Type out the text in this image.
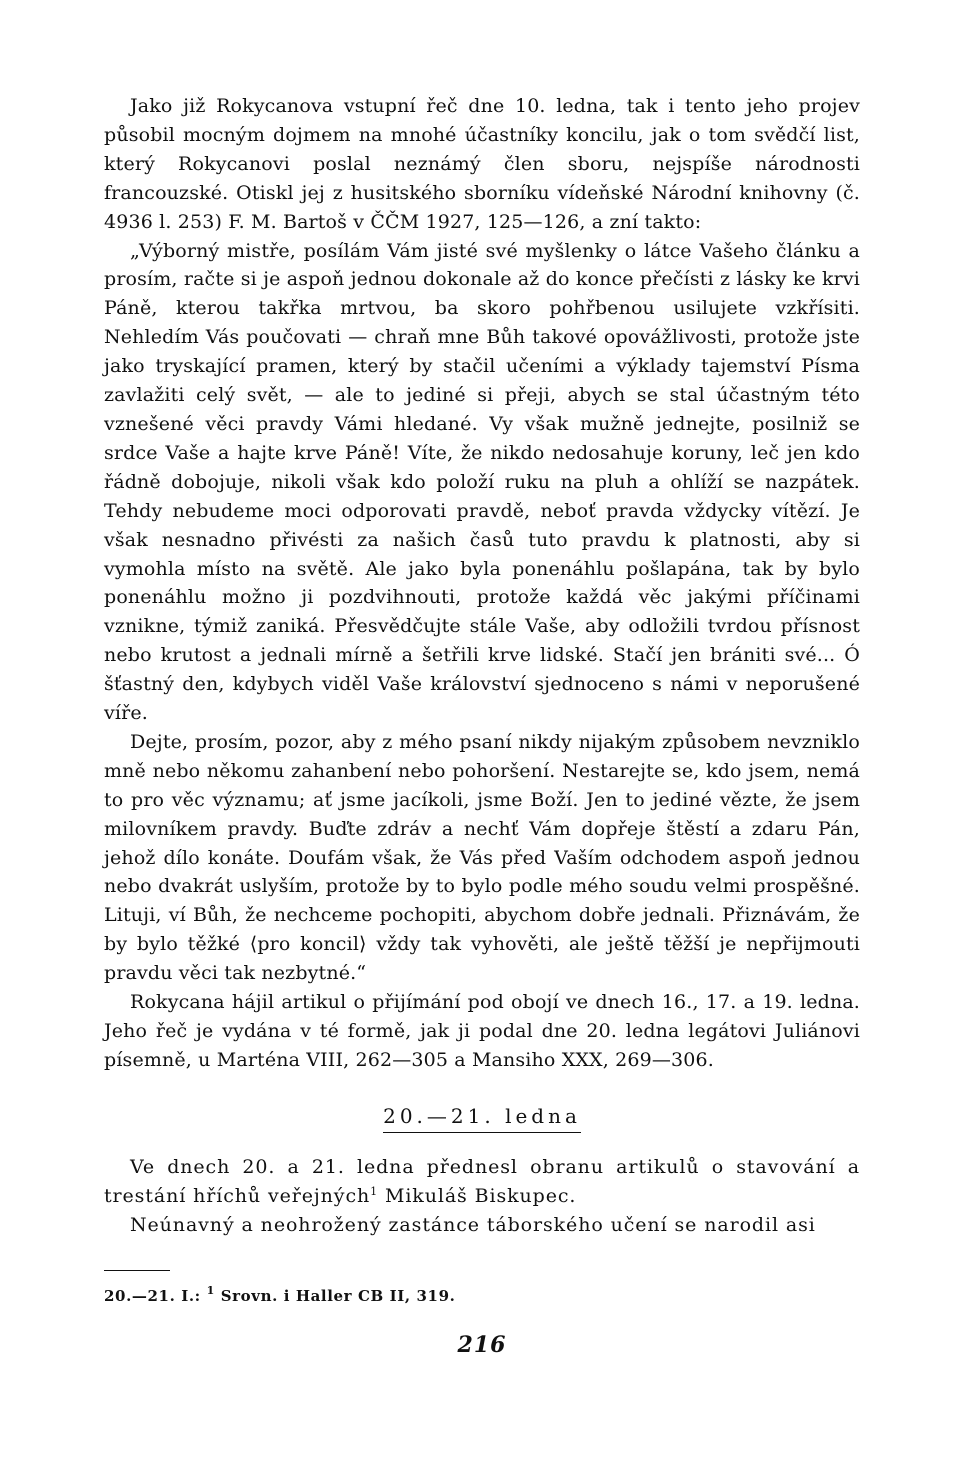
Jako již Rokycanova vstupní řeč dne 10. ledna, tak i tento jeho projev působil mocným dojmem na mnohé účastníky koncilu, jak o tom svědčí list, který Rokycanovi poslal neznámý člen sboru, nejspíše národnosti francouzské. Otiskl jej z husitského sborníku vídeňské Národní knihovny (č. 4936 l. 253) F. M. Bartoš v ČČM 1927, 125—126, a zní takto:

„Výborný mistře, posílám Vám jisté své myšlenky o látce Vašeho článku a prosím, račte si je aspoň jednou dokonale až do konce přečísti z lásky ke krvi Páně, kterou takřka mrtvou, ba skoro pohřbenou usilujete vzkřísiti. Nehledím Vás poučovati — chraň mne Bůh takové opovážlivosti, protože jste jako tryskající pramen, který by stačil učeními a výklady tajemství Písma zavlažiti celý svět, — ale to jediné si přeji, abych se stal účastným této vznešené věci pravdy Vámi hledané. Vy však mužně jednejte, posilniž se srdce Vaše a hajte krve Páně! Víte, že nikdo nedosahuje koruny, leč jen kdo řádně dobojuje, nikoli však kdo položí ruku na pluh a ohlíží se nazpátek. Tehdy nebudeme moci odporovati pravdě, neboť pravda vždycky vítězí. Je však nesnadno přivésti za našich časů tuto pravdu k platnosti, aby si vymohla místo na světě. Ale jako byla ponenáhlu pošlapána, tak by bylo ponenáhlu možno ji pozdvihnouti, protože každá věc jakými příčinami vznikne, týmiž zaniká. Přesvědčujte stále Vaše, aby odložili tvrdou přísnost nebo krutost a jednali mírně a šetřili krve lidské. Stačí jen brániti své... Ó šťastný den, kdybych viděl Vaše království sjednoceno s námi v neporušené víře.

Dejte, prosím, pozor, aby z mého psaní nikdy nijakým způsobem nevzniklo mně nebo někomu zahanbení nebo pohoršení. Nestarejte se, kdo jsem, nemá to pro věc významu; ať jsme jacíkoli, jsme Boží. Jen to jediné vězte, že jsem milovníkem pravdy. Buďte zdráv a nechť Vám dopřeje štěstí a zdaru Pán, jehož dílo konáte. Doufám však, že Vás před Vaším odchodem aspoň jednou nebo dvakrát uslyším, protože by to bylo podle mého soudu velmi prospěšné. Lituji, ví Bůh, že nechceme pochopiti, abychom dobře jednali. Přiznávám, že by bylo těžké ⟨pro koncil⟩ vždy tak vyhověti, ale ještě těžší je nepřijmouti pravdu věci tak nezbytné.“

Rokycana hájil artikul o přijímání pod obojí ve dnech 16., 17. a 19. ledna. Jeho řeč je vydána v té formě, jak ji podal dne 20. ledna legátovi Juliánovi písemně, u Marténa VIII, 262—305 a Mansiho XXX, 269—306.

20.—21. ledna

Ve dnech 20. a 21. ledna přednesl obranu artikulů o stavování a trestání hříchů veřejných$^1$ Mikuláš Biskupec.

Neúnavný a neohrožený zastánce táborského učení se narodil asi

20.—21. I.: $^1$ Srovn. i Haller CB II, 319.

216
